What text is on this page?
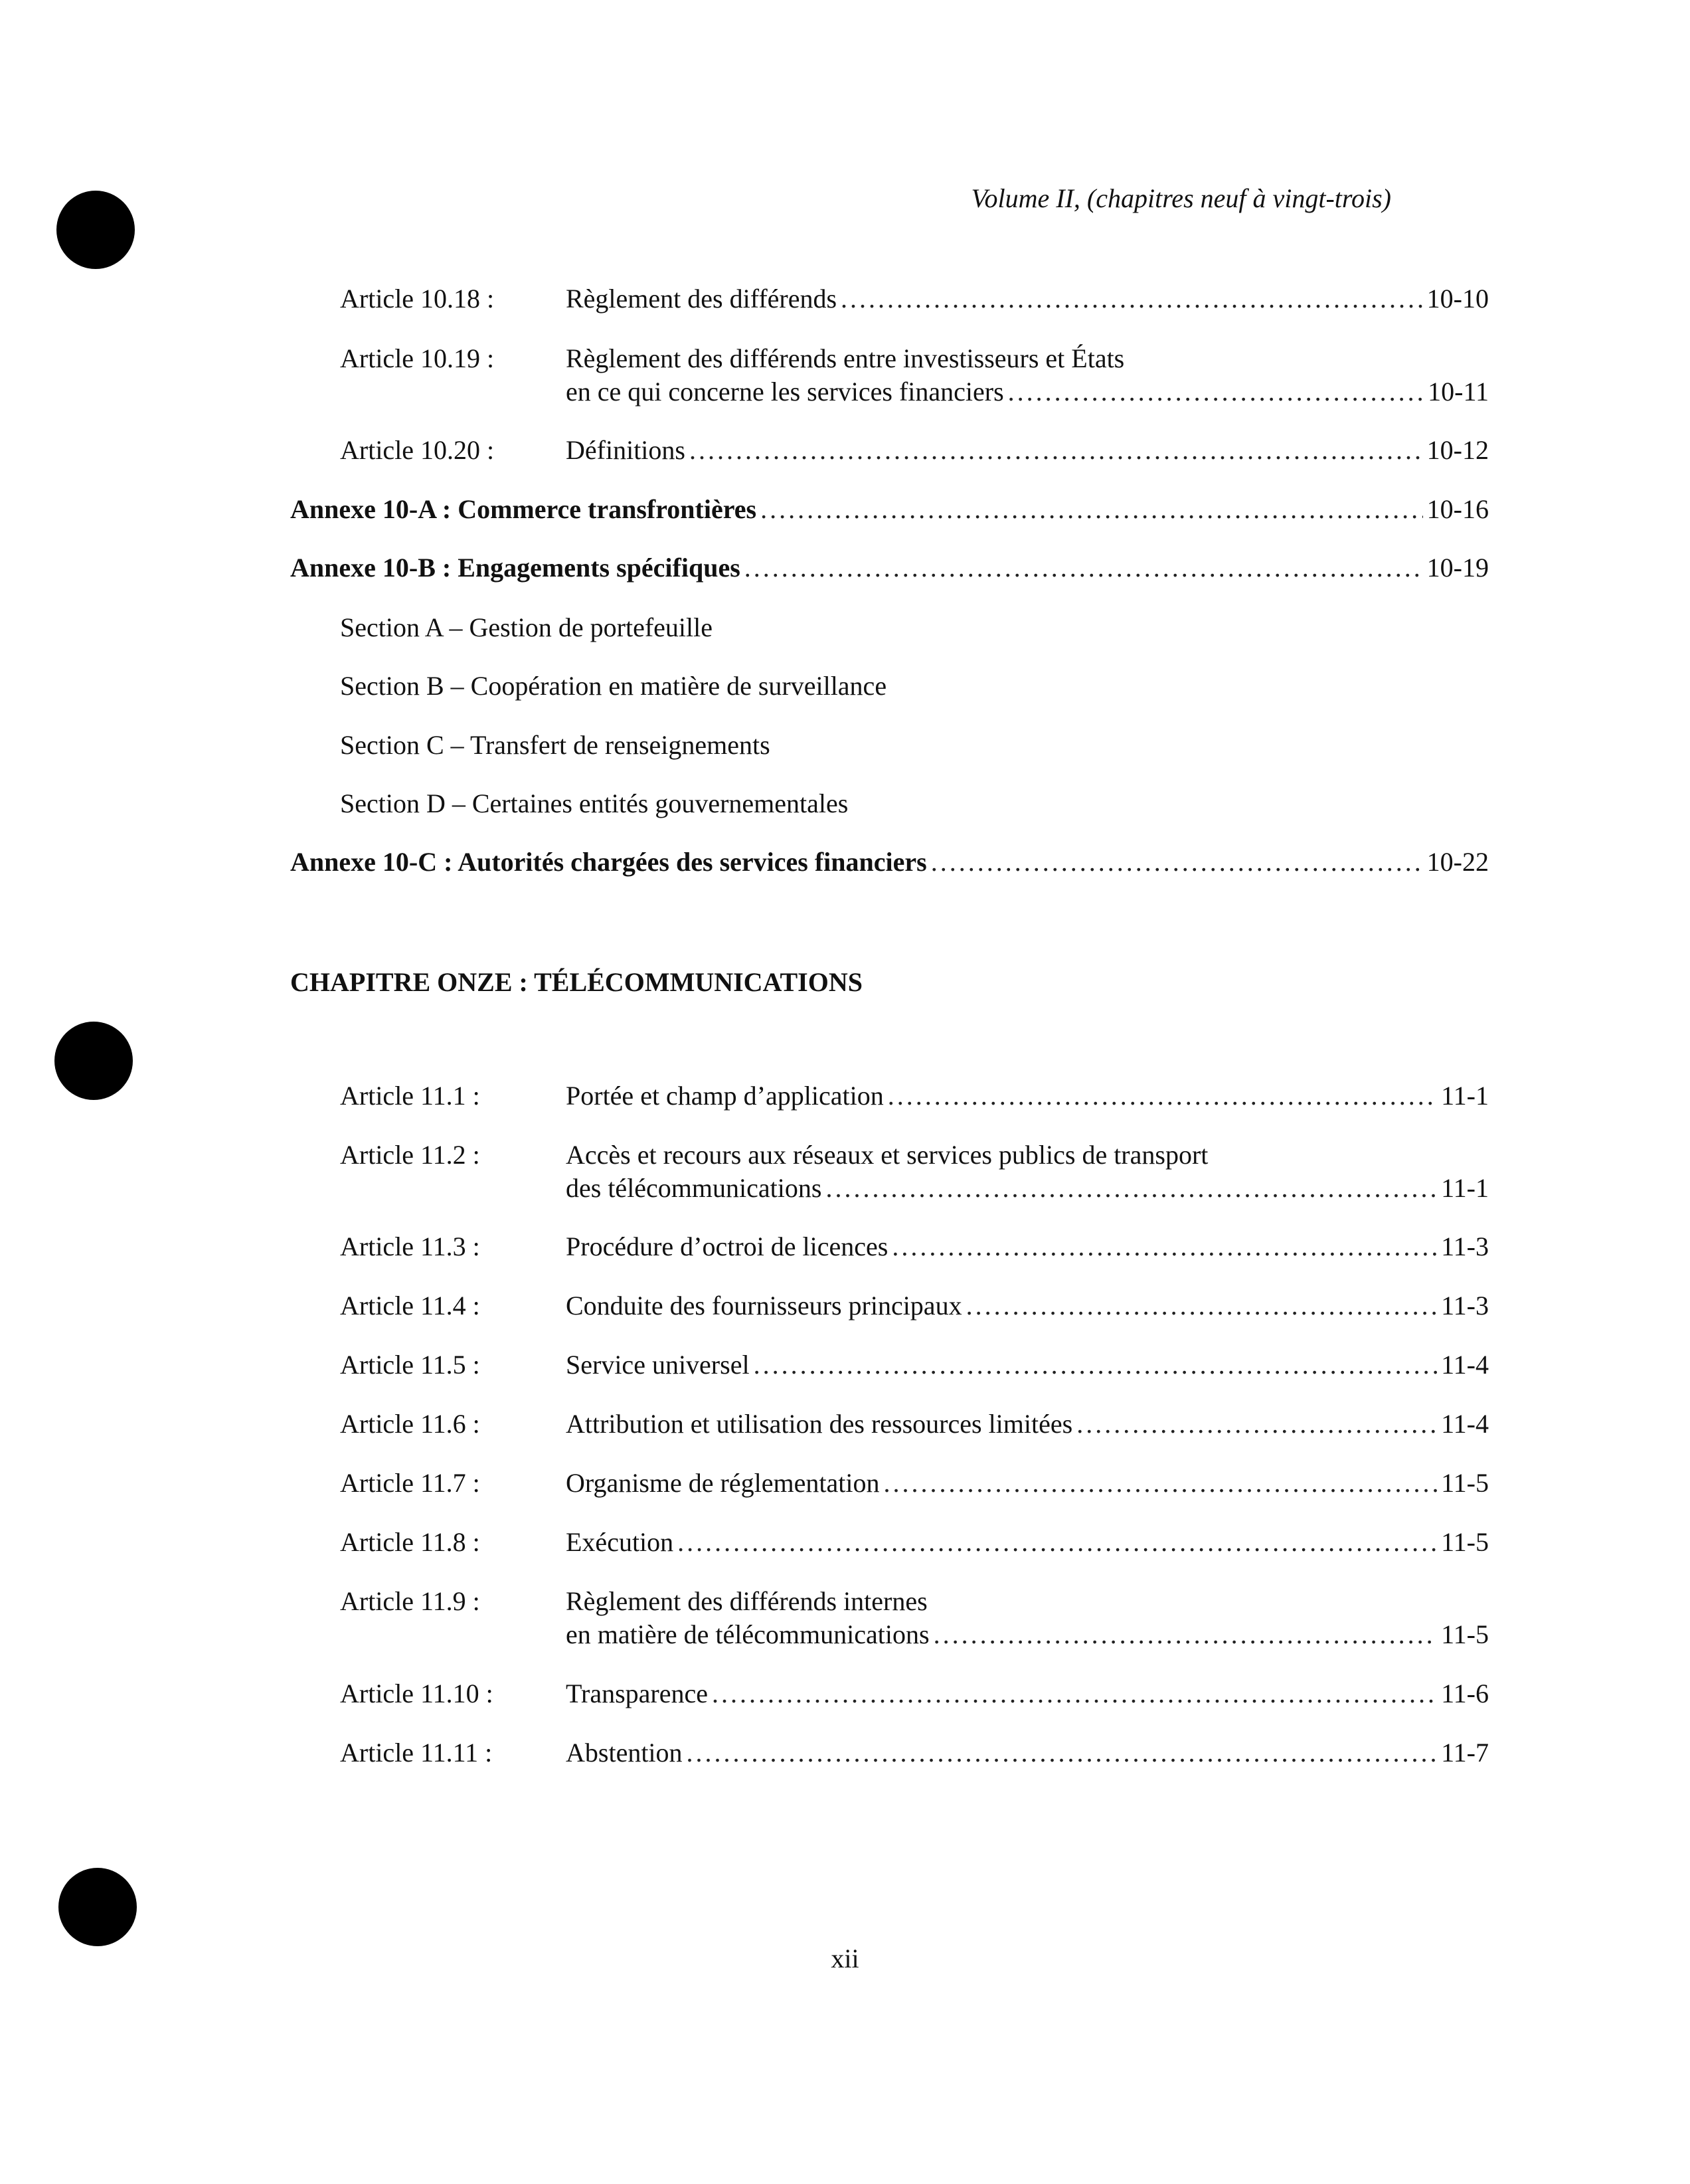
Volume II, (chapitres neuf à vingt-trois)
Article 10.18 :	Règlement des différends .....	10-10
Article 10.19 :	Règlement des différends entre investisseurs et États
en ce qui concerne les services financiers .....	10-11
Article 10.20 :	Définitions .....	10-12
Annexe 10-A : Commerce transfrontières .....	10-16
Annexe 10-B : Engagements spécifiques .....	10-19
Section A – Gestion de portefeuille
Section B – Coopération en matière de surveillance
Section C – Transfert de renseignements
Section D – Certaines entités gouvernementales
Annexe 10-C : Autorités chargées des services financiers .....	10-22
CHAPITRE ONZE : TÉLÉCOMMUNICATIONS
Article 11.1 :	Portée et champ d’application .....	11-1
Article 11.2 :	Accès et recours aux réseaux et services publics de transport
des télécommunications .....	11-1
Article 11.3 :	Procédure d’octroi de licences .....	11-3
Article 11.4 :	Conduite des fournisseurs principaux .....	11-3
Article 11.5 :	Service universel .....	11-4
Article 11.6 :	Attribution et utilisation des ressources limitées .....	11-4
Article 11.7 :	Organisme de réglementation .....	11-5
Article 11.8 :	Exécution .....	11-5
Article 11.9 :	Règlement des différends internes
en matière de télécommunications .....	11-5
Article 11.10 :	Transparence .....	11-6
Article 11.11 :	Abstention .....	11-7
xii
